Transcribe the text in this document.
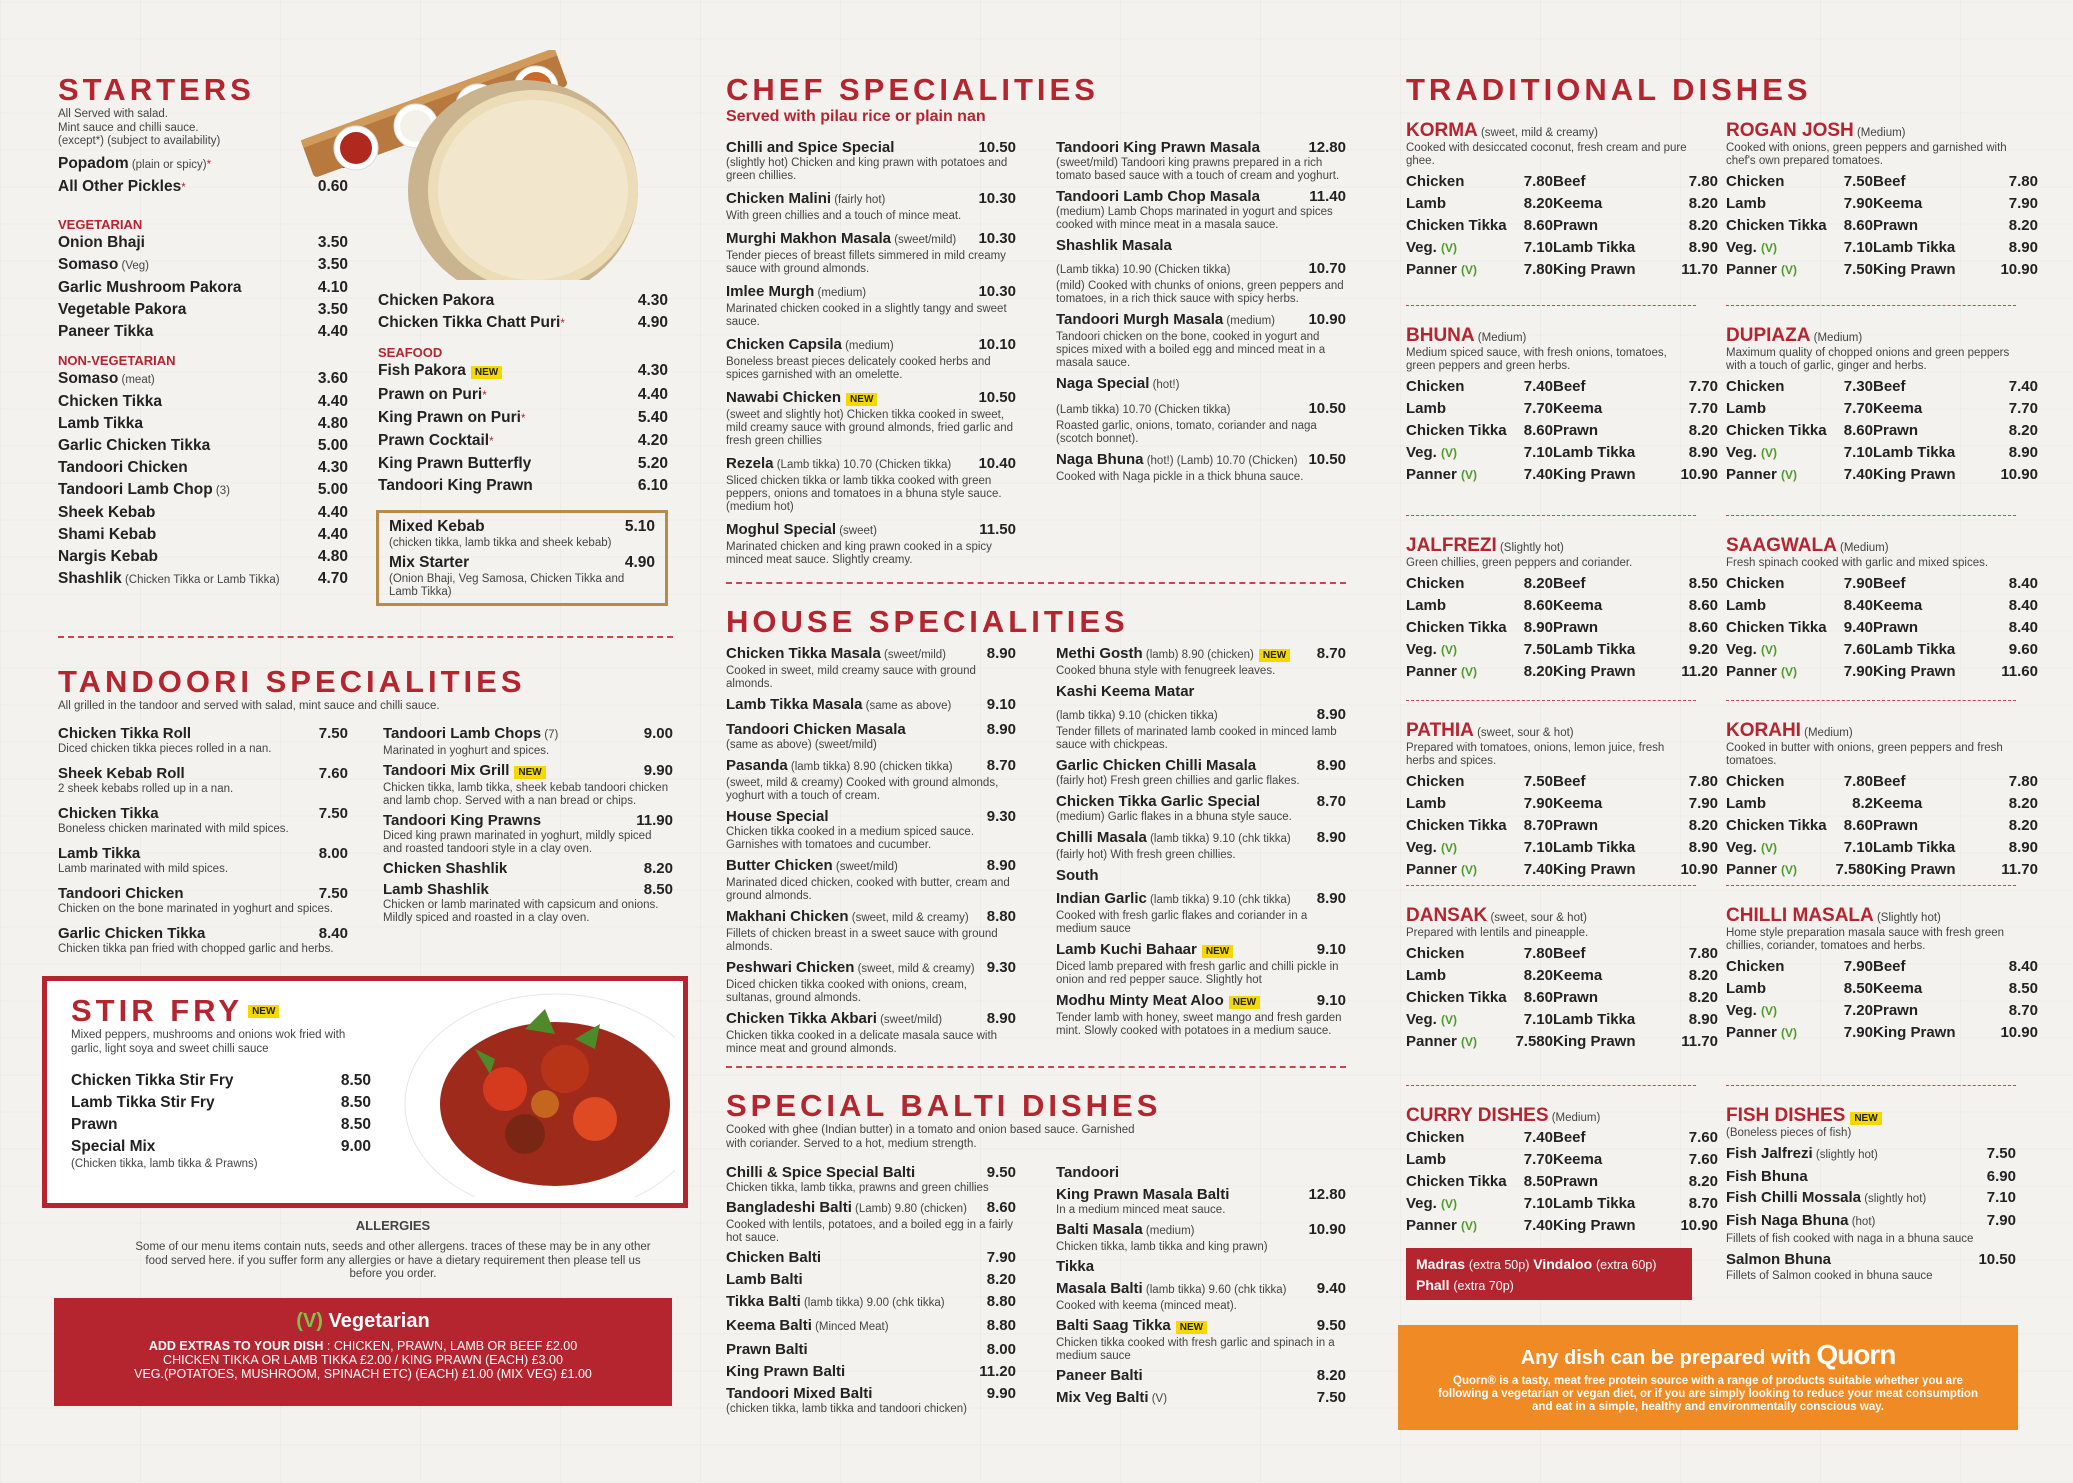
STARTERS
All Served with salad.
Mint sauce and chilli sauce.
(except*) (subject to availability)
Popadom (plain or spicy)*
All Other Pickles*	0.60
VEGETARIAN
Onion Bhaji	3.50
Somaso (Veg)	3.50
Garlic Mushroom Pakora	4.10
Vegetable Pakora	3.50
Paneer Tikka	4.40
NON-VEGETARIAN
Somaso (meat)	3.60
Chicken Tikka	4.40
Lamb Tikka	4.80
Garlic Chicken Tikka	5.00
Tandoori Chicken	4.30
Tandoori Lamb Chop (3)	5.00
Sheek Kebab	4.40
Shami Kebab	4.40
Nargis Kebab	4.80
Shashlik (Chicken Tikka or Lamb Tikka) 4.70
Chicken Pakora	4.30
Chicken Tikka Chatt Puri*	4.90
SEAFOOD
Fish Pakora NEW	4.30
Prawn on Puri*	4.40
King Prawn on Puri*	5.40
Prawn Cocktail*	4.20
King Prawn Butterfly	5.20
Tandoori King Prawn	6.10
Mixed Kebab	5.10
(chicken tikka, lamb tikka and sheek kebab)
Mix Starter	4.90
(Onion Bhaji, Veg Samosa, Chicken Tikka and Lamb Tikka)
TANDOORI SPECIALITIES
All grilled in the tandoor and served with salad, mint sauce and chilli sauce.
Chicken Tikka Roll	7.50
Diced chicken tikka pieces rolled in a nan.
Sheek Kebab Roll	7.60
2 sheek kebabs rolled up in a nan.
Chicken Tikka	7.50
Boneless chicken marinated with mild spices.
Lamb Tikka	8.00
Lamb marinated with mild spices.
Tandoori Chicken	7.50
Chicken on the bone marinated in yoghurt and spices.
Garlic Chicken Tikka	8.40
Chicken tikka pan fried with chopped garlic and herbs.
Tandoori Lamb Chops (7)	9.00
Marinated in yoghurt and spices.
Tandoori Mix Grill NEW	9.90
Chicken tikka, lamb tikka, sheek kebab tandoori chicken and lamb chop. Served with a nan bread or chips.
Tandoori King Prawns	11.90
Diced king prawn marinated in yoghurt, mildly spiced and roasted tandoori style in a clay oven.
Chicken Shashlik	8.20
Lamb Shashlik	8.50
Chicken or lamb marinated with capsicum and onions. Mildly spiced and roasted in a clay oven.
STIR FRY NEW
Mixed peppers, mushrooms and onions wok fried with garlic, light soya and sweet chilli sauce
Chicken Tikka Stir Fry	8.50
Lamb Tikka Stir Fry	8.50
Prawn	8.50
Special Mix	9.00
(Chicken tikka, lamb tikka & Prawns)
ALLERGIES
Some of our menu items contain nuts, seeds and other allergens. traces of these may be in any other food served here. if you suffer form any allergies or have a dietary requirement then please tell us before you order.
(V) Vegetarian
ADD EXTRAS TO YOUR DISH : CHICKEN, PRAWN, LAMB OR BEEF £2.00
CHICKEN TIKKA OR LAMB TIKKA £2.00 / KING PRAWN (EACH) £3.00
VEG.(POTATOES, MUSHROOM, SPINACH ETC) (EACH) £1.00 (MIX VEG) £1.00
CHEF SPECIALITIES
Served with pilau rice or plain nan
Chilli and Spice Special	10.50
(slightly hot) Chicken and king prawn with potatoes and green chillies.
Chicken Malini (fairly hot)	10.30
With green chillies and a touch of mince meat.
Murghi Makhon Masala (sweet/mild) 10.30
Tender pieces of breast fillets simmered in mild creamy sauce with ground almonds.
Imlee Murgh (medium)	10.30
Marinated chicken cooked in a slightly tangy and sweet sauce.
Chicken Capsila (medium)	10.10
Boneless breast pieces delicately cooked herbs and spices garnished with an omelette.
Nawabi Chicken NEW	10.50
(sweet and slightly hot) Chicken tikka cooked in sweet, mild creamy sauce with ground almonds, fried garlic and fresh green chillies
Rezela (Lamb tikka) 10.70 (Chicken tikka) 10.40
Sliced chicken tikka or lamb tikka cooked with green peppers, onions and tomatoes in a bhuna style sauce. (medium hot)
Moghul Special (sweet)	11.50
Marinated chicken and king prawn cooked in a spicy minced meat sauce. Slightly creamy.
Tandoori King Prawn Masala	12.80
(sweet/mild) Tandoori king prawns prepared in a rich tomato based sauce with a touch of cream and yoghurt.
Tandoori Lamb Chop Masala	11.40
(medium) Lamb Chops marinated in yogurt and spices cooked with mince meat in a masala sauce.
Shashlik Masala
(Lamb tikka) 10.90 (Chicken tikka)	10.70
(mild) Cooked with chunks of onions, green peppers and tomatoes, in a rich thick sauce with spicy herbs.
Tandoori Murgh Masala (medium) 10.90
Tandoori chicken on the bone, cooked in yogurt and spices mixed with a boiled egg and minced meat in a masala sauce.
Naga Special (hot!)
(Lamb tikka) 10.70 (Chicken tikka)	10.50
Roasted garlic, onions, tomato, coriander and naga (scotch bonnet).
Naga Bhuna (hot!) (Lamb) 10.70 (Chicken) 10.50
Cooked with Naga pickle in a thick bhuna sauce.
HOUSE SPECIALITIES
Chicken Tikka Masala (sweet/mild)	8.90
Cooked in sweet, mild creamy sauce with ground almonds.
Lamb Tikka Masala (same as above) 9.10
Tandoori Chicken Masala	8.90
(same as above) (sweet/mild)
Pasanda (lamb tikka) 8.90 (chicken tikka) 8.70
(sweet, mild & creamy) Cooked with ground almonds, yoghurt with a touch of cream.
House Special	9.30
Chicken tikka cooked in a medium spiced sauce. Garnishes with tomatoes and cucumber.
Butter Chicken (sweet/mild)	8.90
Marinated diced chicken, cooked with butter, cream and ground almonds.
Makhani Chicken (sweet, mild & creamy) 8.80
Fillets of chicken breast in a sweet sauce with ground almonds.
Peshwari Chicken (sweet, mild & creamy) 9.30
Diced chicken tikka cooked with onions, cream, sultanas, ground almonds.
Chicken Tikka Akbari (sweet/mild)	8.90
Chicken tikka cooked in a delicate masala sauce with mince meat and ground almonds.
Methi Gosth (lamb) 8.90 (chicken) NEW 8.70
Cooked bhuna style with fenugreek leaves.
Kashi Keema Matar
(lamb tikka) 9.10 (chicken tikka)	8.90
Tender fillets of marinated lamb cooked in minced lamb sauce with chickpeas.
Garlic Chicken Chilli Masala	8.90
(fairly hot) Fresh green chillies and garlic flakes.
Chicken Tikka Garlic Special	8.70
(medium) Garlic flakes in a bhuna style sauce.
Chilli Masala (lamb tikka) 9.10 (chk tikka) 8.90
(fairly hot) With fresh green chillies.
South
Indian Garlic (lamb tikka) 9.10 (chk tikka) 8.90
Cooked with fresh garlic flakes and coriander in a medium sauce
Lamb Kuchi Bahaar NEW	9.10
Diced lamb prepared with fresh garlic and chilli pickle in onion and red pepper sauce. Slightly hot
Modhu Minty Meat Aloo NEW	9.10
Tender lamb with honey, sweet mango and fresh garden mint. Slowly cooked with potatoes in a medium sauce.
SPECIAL BALTI DISHES
Cooked with ghee (Indian butter) in a tomato and onion based sauce. Garnished with coriander. Served to a hot, medium strength.
Chilli & Spice Special Balti	9.50
Chicken tikka, lamb tikka, prawns and green chillies
Bangladeshi Balti (Lamb) 9.80 (chicken) 8.60
Cooked with lentils, potatoes, and a boiled egg in a fairly hot sauce.
Chicken Balti	7.90
Lamb Balti	8.20
Tikka Balti (lamb tikka) 9.00 (chk tikka)	8.80
Keema Balti (Minced Meat)	8.80
Prawn Balti	8.00
King Prawn Balti	11.20
Tandoori Mixed Balti	9.90
(chicken tikka, lamb tikka and tandoori chicken)
Tandoori
King Prawn Masala Balti	12.80
In a medium minced meat sauce.
Balti Masala (medium)	10.90
Chicken tikka, lamb tikka and king prawn)
Tikka
Masala Balti (lamb tikka) 9.60 (chk tikka) 9.40
Cooked with keema (minced meat).
Balti Saag Tikka NEW	9.50
Chicken tikka cooked with fresh garlic and spinach in a medium sauce
Paneer Balti	8.20
Mix Veg Balti (V)	7.50
TRADITIONAL DISHES
KORMA (sweet, mild & creamy)
Cooked with desiccated coconut, fresh cream and pure ghee.
Chicken	7.80 Beef	7.80
Lamb	8.20 Keema	8.20
Chicken Tikka	8.60 Prawn	8.20
Veg. (V)	7.10 Lamb Tikka	8.90
Panner (V)	7.80 King Prawn	11.70
ROGAN JOSH (Medium)
Cooked with onions, green peppers and garnished with chef's own prepared tomatoes.
Chicken	7.50 Beef	7.80
Lamb	7.90 Keema	7.90
Chicken Tikka	8.60 Prawn	8.20
Veg. (V)	7.10 Lamb Tikka	8.90
Panner (V)	7.50 King Prawn	10.90
BHUNA (Medium)
Medium spiced sauce, with fresh onions, tomatoes, green peppers and green herbs.
Chicken	7.40 Beef	7.70
Lamb	7.70 Keema	7.70
Chicken Tikka	8.60 Prawn	8.20
Veg. (V)	7.10 Lamb Tikka	8.90
Panner (V)	7.40 King Prawn	10.90
DUPIAZA (Medium)
Maximum quality of chopped onions and green peppers with a touch of garlic, ginger and herbs.
Chicken	7.30 Beef	7.40
Lamb	7.70 Keema	7.70
Chicken Tikka	8.60 Prawn	8.20
Veg. (V)	7.10 Lamb Tikka	8.90
Panner (V)	7.40 King Prawn	10.90
JALFREZI (Slightly hot)
Green chillies, green peppers and coriander.
Chicken	8.20 Beef	8.50
Lamb	8.60 Keema	8.60
Chicken Tikka	8.90 Prawn	8.60
Veg. (V)	7.50 Lamb Tikka	9.20
Panner (V)	8.20 King Prawn	11.20
SAAGWALA (Medium)
Fresh spinach cooked with garlic and mixed spices.
Chicken	7.90 Beef	8.40
Lamb	8.40 Keema	8.40
Chicken Tikka	9.40 Prawn	8.40
Veg. (V)	7.60 Lamb Tikka	9.60
Panner (V)	7.90 King Prawn	11.60
PATHIA (sweet, sour & hot)
Prepared with tomatoes, onions, lemon juice, fresh herbs and spices.
Chicken	7.50 Beef	7.80
Lamb	7.90 Keema	7.90
Chicken Tikka	8.70 Prawn	8.20
Veg. (V)	7.10 Lamb Tikka	8.90
Panner (V)	7.40 King Prawn	10.90
KORAHI (Medium)
Cooked in butter with onions, green peppers and fresh tomatoes.
Chicken	7.80 Beef	7.80
Lamb	8.2 Keema	8.20
Chicken Tikka	8.60 Prawn	8.20
Veg. (V)	7.10 Lamb Tikka	8.90
Panner (V)	7.580 King Prawn	11.70
DANSAK (sweet, sour & hot)
Prepared with lentils and pineapple.
Chicken	7.80 Beef	7.80
Lamb	8.20 Keema	8.20
Chicken Tikka	8.60 Prawn	8.20
Veg. (V)	7.10 Lamb Tikka	8.90
Panner (V)	7.580 King Prawn	11.70
CHILLI MASALA (Slightly hot)
Home style preparation masala sauce with fresh green chillies, coriander, tomatoes and herbs.
Chicken	7.90 Beef	8.40
Lamb	8.50 Keema	8.50
Veg. (V)	7.20 Prawn	8.70
Panner (V)	7.90 King Prawn	10.90
CURRY DISHES (Medium)
Chicken	7.40 Beef	7.60
Lamb	7.70 Keema	7.60
Chicken Tikka	8.50 Prawn	8.20
Veg. (V)	7.10 Lamb Tikka	8.70
Panner (V)	7.40 King Prawn	10.90
FISH DISHES NEW
(Boneless pieces of fish)
Fish Jalfrezi (slightly hot)	7.50
Fish Bhuna	6.90
Fish Chilli Mossala (slightly hot)	7.10
Fish Naga Bhuna (hot)	7.90
Fillets of fish cooked with naga in a bhuna sauce
Salmon Bhuna	10.50
Fillets of Salmon cooked in bhuna sauce
Madras (extra 50p) Vindaloo (extra 60p)
Phall (extra 70p)
Any dish can be prepared with Quorn
Quorn® is a tasty, meat free protein source with a range of products suitable whether you are following a vegetarian or vegan diet, or if you are simply looking to reduce your meat consumption and eat in a simple, healthy and environmentally conscious way.
